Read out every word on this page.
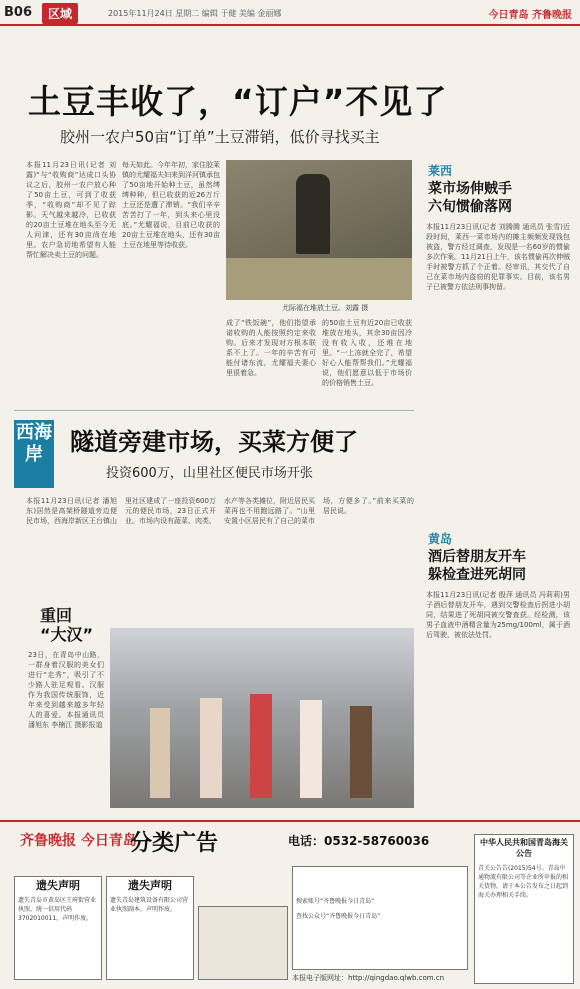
B06	区域	2015年11月24日 星期二 编辑 于健 美编 金丽娜	今日青岛 齐鲁晚报
土豆丰收了，“订户”不见了
胶州一农户50亩“订单”土豆滞销，低价寻找买主
本报11月23日讯(记者 刘露)“与“收购商”达成口头协议之后，胶州一农户放心种了50亩土豆，可到了收获季，“收购商”却不见了踪影。天气越来越冷，已收获的20亩土豆堆在地头至今无人问津，还有30亩尚在地里。农户急切地希望有人能帮忙解决卖土豆的问题。
每天如此。今年年初，家住胶莱镇的尤耀福夫妇来到洋河镇承包了50亩地开始种土豆，虽然缚缚种种，但已收获的近26万斤土豆还是遭了滞销。“我们辛辛苦苦打了一年，到头来心里没底。”尤耀福说，目前已收获的20亩土豆堆在地头，还有30亩土豆在地里等待收获。
尤际福在堆放土豆。刘露 摄
成了“铁饭碗”，他们指望承诺收购的人能按照约定来收购。后来才发现对方根本联系不上了。一年的辛苦有可能付诸东流，尤耀福夫妻心里很着急。
的50亩土豆有近20亩已收获堆放在地头，其余30亩因冷没有收入收，还堆在地里。“一上冻就全完了，希望好心人能帮帮我们。”尤耀福说，他们愿意以低于市场价的价格销售土豆。
莱西
菜市场伸贼手
六旬惯偷落网
本报11月23日讯(记者 刘腾腾 通讯员 张雪)近段时间，莱西一菜市场内的摊主频频发现钱包被盗，警方经过调查，发现是一名60岁的惯偷多次作案。11月21日上午，该名惯偷再次伸贼手时被警方抓了个正着。经审讯，其交代了自己在菜市场内盗窃的犯罪事实。目前，该名男子已被警方依法刑事拘留。
西海岸	隧道旁建市场，买菜方便了
投资600万，山里社区便民市场开张
本报11月23日讯(记者 潘旭东)居然是高架桥隧道旁边便民市场，西海岸新区王台镇山里社区建成了一座投资600万元的便民市场，23日正式开业。市场内设有蔬菜、肉类、水产等各类摊位，附近居民买菜再也不用跑远路了。“山里安置小区居民有了自己的菜市场，方便多了。”前来买菜的居民说。
重回
“大汉”
23日，在青岛中山路，一群身着汉服的美女们进行“走秀”，吸引了不少路人驻足观看。汉服作为我国传统服饰，近年来受到越来越多年轻人的喜爱。本报通讯员 潘旭东 李楠江 摄影报道
黄岛
酒后替朋友开车
躲检查进死胡同
本报11月23日讯(记者 殷萍 通讯员 冯莉莉)男子酒后替朋友开车，遇到交警检查后拐进小胡同，结果进了死胡同被交警查获。经检测，该男子血液中酒精含量为25mg/100ml，属于酒后驾驶，被依法处罚。
齐鲁晚报 今日青岛
分类广告	电话：0532-58760036
遗失声明
遗失青岛市黄岛区王府街营业执照，统一信用代码3702010011，声明作废。
遗失声明
遗失青岛建筑设备有限公司营业执照副本，声明作废。
搜索账号“齐鲁晚报今日青岛”
查找公众号“齐鲁晚报今日青岛”
本报电子版网址：http://qingdao.qlwb.com.cn
中华人民共和国青岛海关公告
青关公告告(2015)54号。青岛中通物流有限公司等企业所申报的相关货物，请于本公告发布之日起到海关办理相关手续。
